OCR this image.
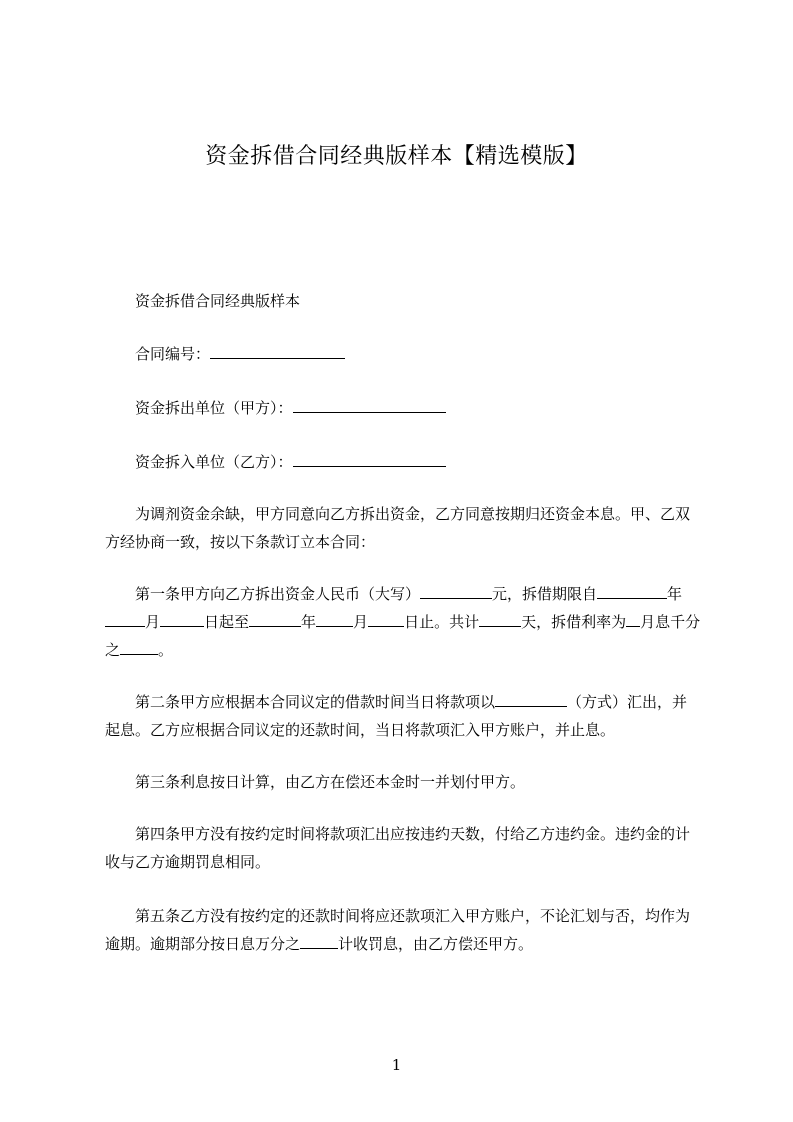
资金拆借合同经典版样本【精选模版】

资金拆借合同经典版样本

合同编号：

资金拆出单位（甲方）：

资金拆入单位（乙方）：

为调剂资金余缺，甲方同意向乙方拆出资金，乙方同意按期归还资金本息。甲、乙双方经协商一致，按以下条款订立本合同：

第一条甲方向乙方拆出资金人民币（大写）	元，拆借期限自	年月	日起至	年 月 日止。共计	天，拆借利率为 月息千分之	。

第二条甲方应根据本合同议定的借款时间当日将款项以	（方式）汇出，并起息。乙方应根据合同议定的还款时间，当日将款项汇入甲方账户，并止息。

第三条利息按日计算，由乙方在偿还本金时一并划付甲方。

第四条甲方没有按约定时间将款项汇出应按违约天数，付给乙方违约金。违约金的计收与乙方逾期罚息相同。

第五条乙方没有按约定的还款时间将应还款项汇入甲方账户，不论汇划与否，均作为逾期。逾期部分按日息万分之	计收罚息，由乙方偿还甲方。

1
